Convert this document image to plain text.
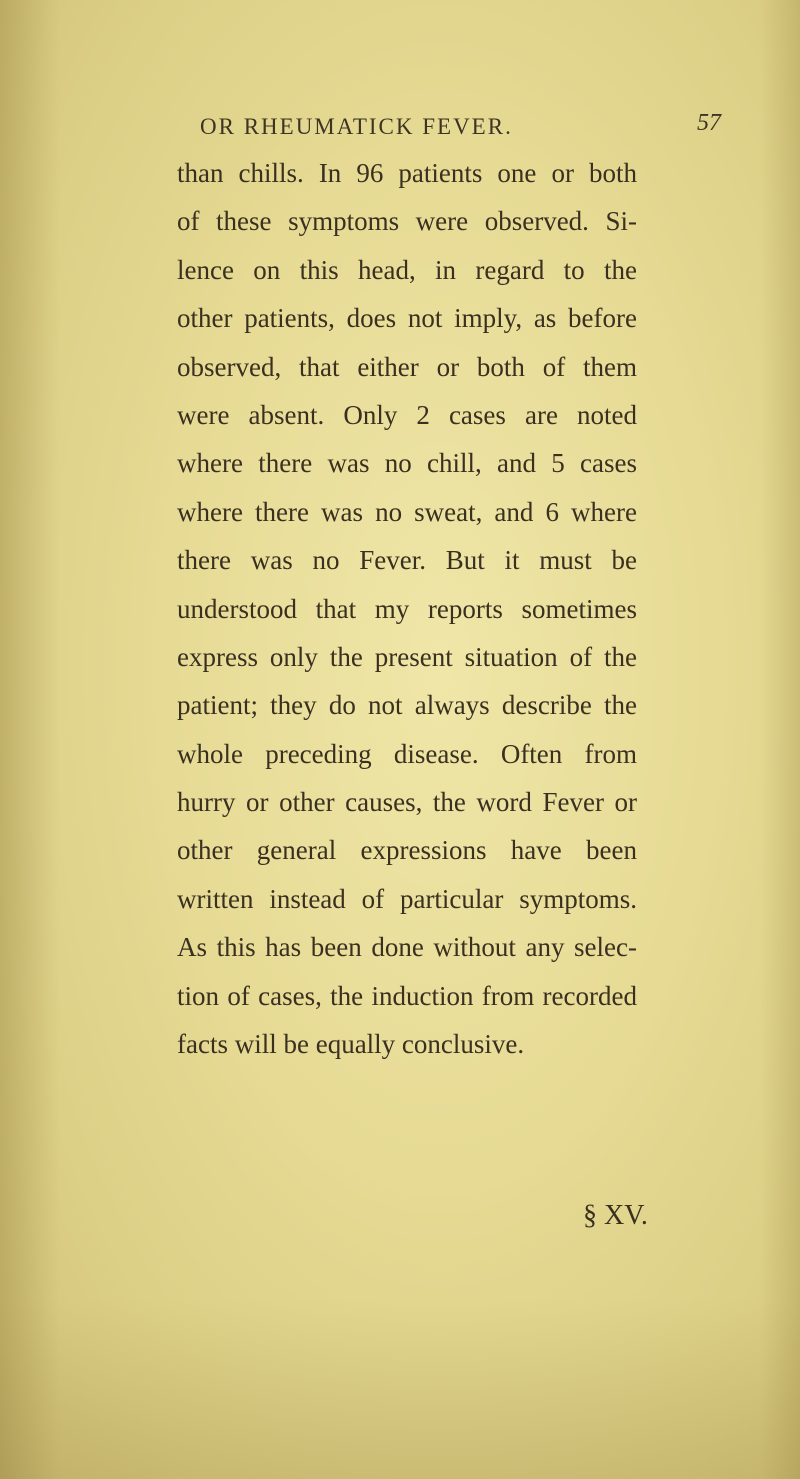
OR RHEUMATICK FEVER.	57
than chills. In 96 patients one or both
of these symptoms were observed. Si-
lence on this head, in regard to the
other patients, does not imply, as before
observed, that either or both of them
were absent. Only 2 cases are noted
where there was no chill, and 5 cases
where there was no sweat, and 6 where
there was no Fever. But it must be
understood that my reports sometimes
express only the present situation of the
patient; they do not always describe the
whole preceding disease. Often from
hurry or other causes, the word Fever or
other general expressions have been
written instead of particular symptoms.
As this has been done without any selec-
tion of cases, the induction from recorded
facts will be equally conclusive.
§ XV.
